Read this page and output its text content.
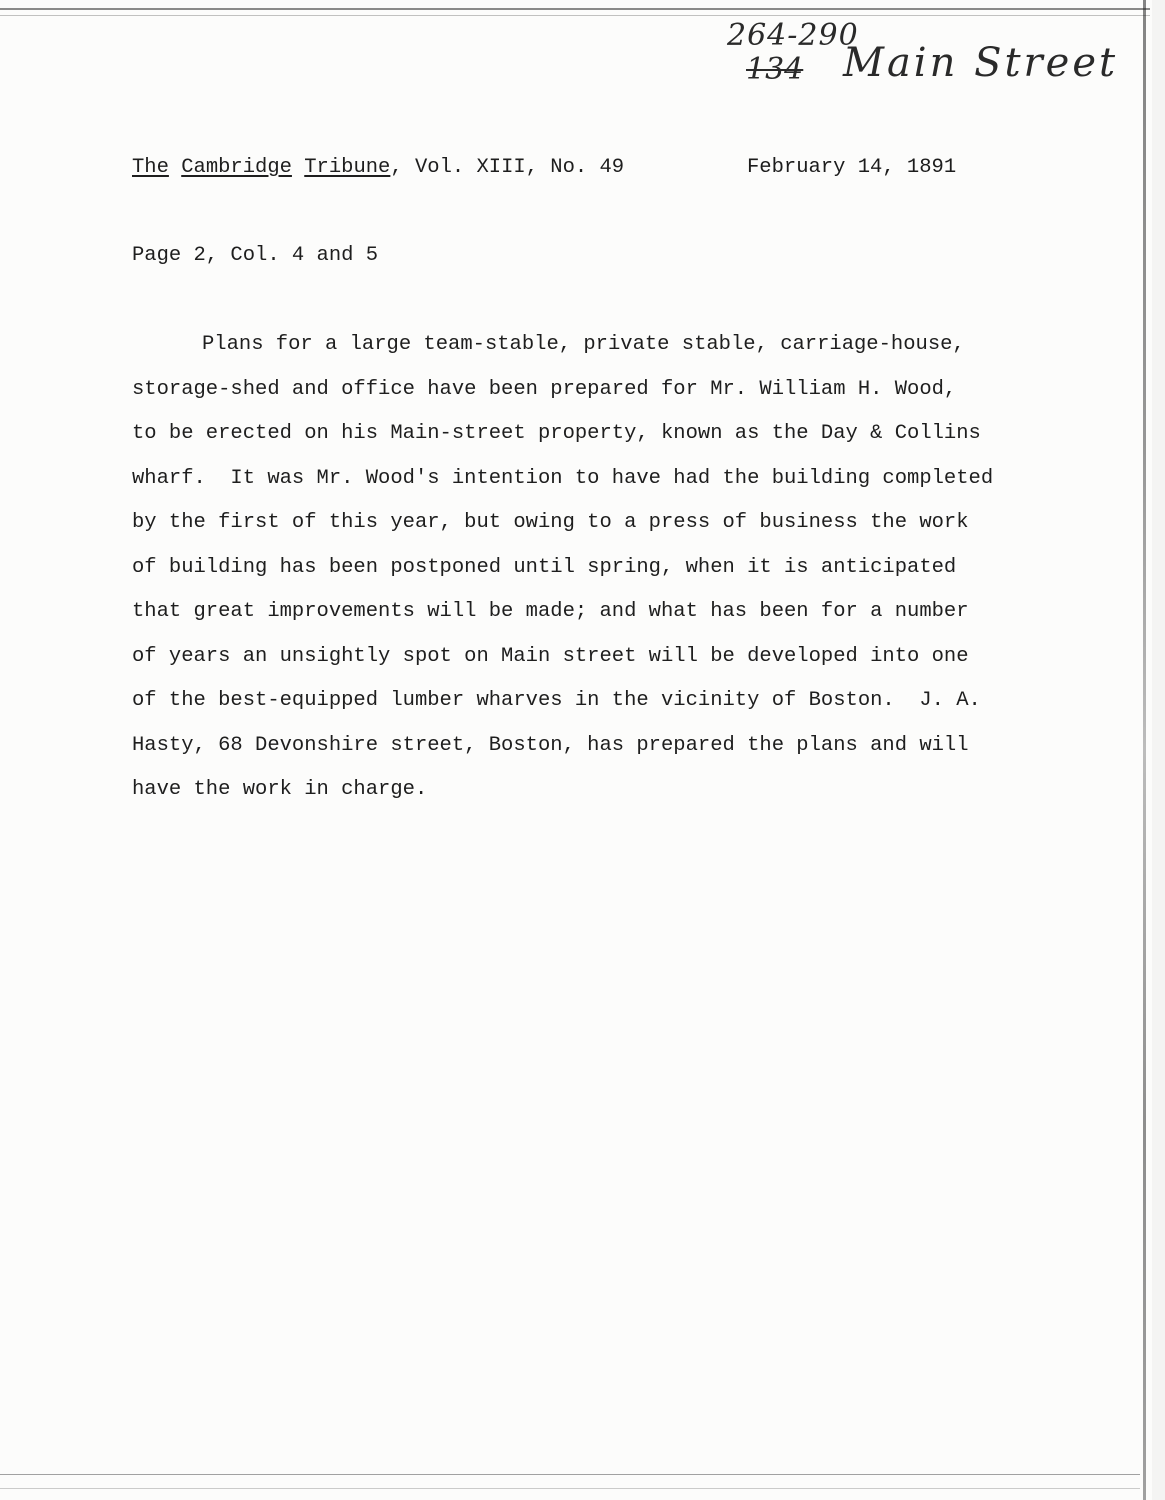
264-290
134 Main Street
The Cambridge Tribune, Vol. XIII, No. 49	February 14, 1891
Page 2, Col. 4 and 5
Plans for a large team-stable, private stable, carriage-house,
storage-shed and office have been prepared for Mr. William H. Wood,
to be erected on his Main-street property, known as the Day & Collins
wharf.  It was Mr. Wood's intention to have had the building completed
by the first of this year, but owing to a press of business the work
of building has been postponed until spring, when it is anticipated
that great improvements will be made; and what has been for a number
of years an unsightly spot on Main street will be developed into one
of the best-equipped lumber wharves in the vicinity of Boston.  J. A.
Hasty, 68 Devonshire street, Boston, has prepared the plans and will
have the work in charge.
